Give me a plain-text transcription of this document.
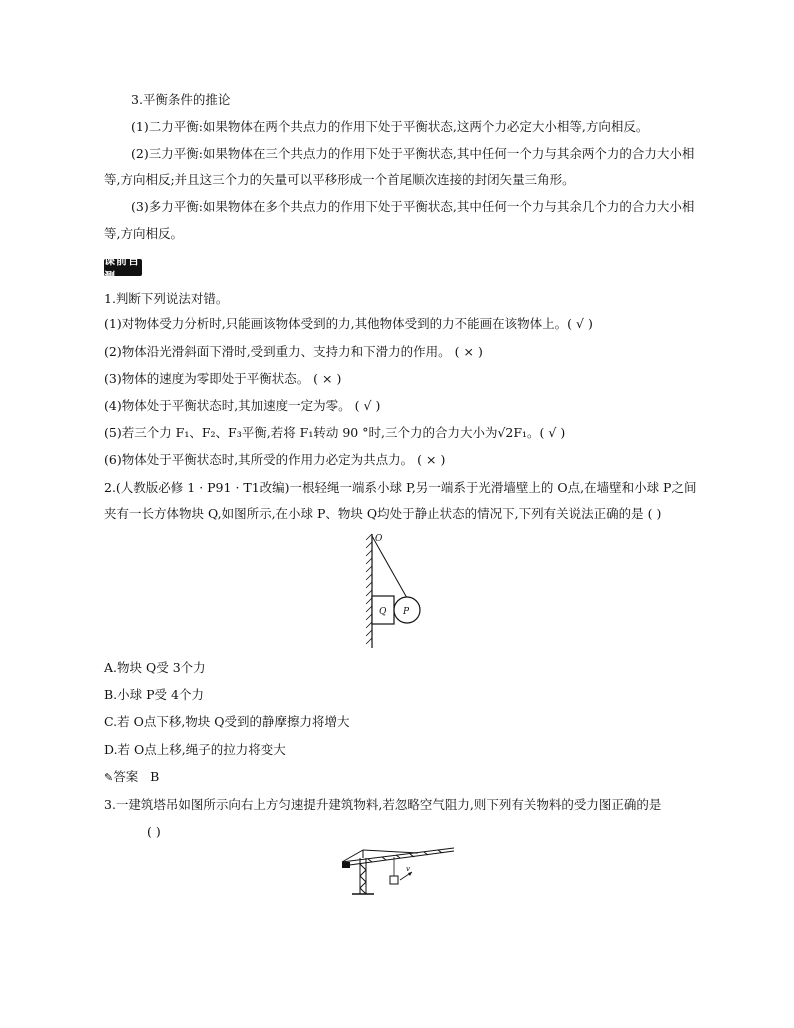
3.平衡条件的推论
(1)二力平衡:如果物体在两个共点力的作用下处于平衡状态,这两个力必定大小相等,方向相反。
(2)三力平衡:如果物体在三个共点力的作用下处于平衡状态,其中任何一个力与其余两个力的合力大小相
等,方向相反;并且这三个力的矢量可以平移形成一个首尾顺次连接的封闭矢量三角形。
(3)多力平衡:如果物体在多个共点力的作用下处于平衡状态,其中任何一个力与其余几个力的合力大小相
等,方向相反。
课前自测
1.判断下列说法对错。
(1)对物体受力分析时,只能画该物体受到的力,其他物体受到的力不能画在该物体上。( √ )
(2)物体沿光滑斜面下滑时,受到重力、支持力和下滑力的作用。 ( × )
(3)物体的速度为零即处于平衡状态。 ( × )
(4)物体处于平衡状态时,其加速度一定为零。 ( √ )
(5)若三个力 F₁、F₂、F₃平衡,若将 F₁转动 90 °时,三个力的合力大小为√2F₁。( √ )
(6)物体处于平衡状态时,其所受的作用力必定为共点力。 ( × )
2.(人教版必修 1 · P91 · T1改编)一根轻绳一端系小球 P,另一端系于光滑墙壁上的 O点,在墙壁和小球 P之间
夹有一长方体物块 Q,如图所示,在小球 P、物块 Q均处于静止状态的情况下,下列有关说法正确的是 ( )
O
Q P
A.物块 Q受 3个力
B.小球 P受 4个力
C.若 O点下移,物块 Q受到的静摩擦力将增大
D.若 O点上移,绳子的拉力将变大
✎答案 B
3.一建筑塔吊如图所示向右上方匀速提升建筑物料,若忽略空气阻力,则下列有关物料的受力图正确的是
( )
v
